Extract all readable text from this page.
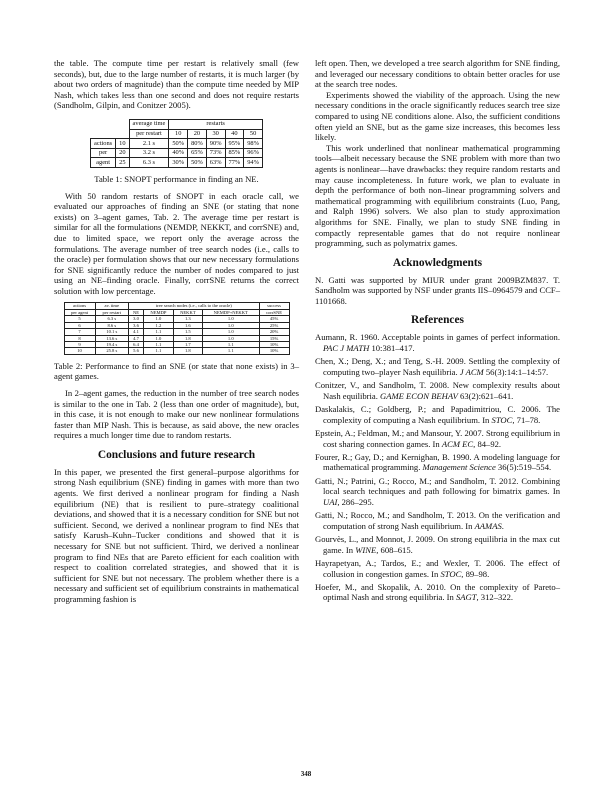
the table. The compute time per restart is relatively small (few seconds), but, due to the large number of restarts, it is much larger (by about two orders of magnitude) than the compute time needed by MIP Nash, which takes less than one second and does not require restarts (Sandholm, Gilpin, and Conitzer 2005).

		average time	restarts				
		per restart	10	20	30	40	50
actions	10	2.1 s	50%	80%	90%	95%	98%
per	20	3.2 s	40%	65%	73%	85%	96%
agent	25	6.3 s	30%	50%	63%	77%	94%

Table 1: SNOPT performance in finding an NE.

With 50 random restarts of SNOPT in each oracle call, we evaluated our approaches of finding an SNE (or stating that none exists) on 3–agent games, Tab. 2. The average time per restart is similar for all the formulations (NEMDP, NEKKT, and corrSNE) and, due to limited space, we report only the average across the formulations. The average number of tree search nodes (i.e., calls to the oracle) per formulation shows that our new necessary formulations for SNE significantly reduce the number of nodes compared to just using an NE–finding oracle. Finally, corrSNE returns the correct solution with low percentage.

actions	av. time	tree search nodes (i.e., calls to the oracle)				success
per agent	per restart	NE	NEMDP	NEKKT	NEMDP+NEKKT	corrSNE
5	6.3 s	3.0	1.0	1.3	1.0	45%
6	8.6 s	3.6	1.2	1.6	1.0	25%
7	10.1 s	4.1	1.1	1.5	1.0	20%
8	13.6 s	4.7	1.0	1.8	1.0	15%
9	19.4 s	6.4	1.1	1.7	1.1	10%
10	25.8 s	5.6	1.1	1.8	1.1	10%

Table 2: Performance to find an SNE (or state that none exists) in 3–agent games.

In 2–agent games, the reduction in the number of tree search nodes is similar to the one in Tab. 2 (less than one order of magnitude), but, in this case, it is not enough to make our new nonlinear formulations faster than MIP Nash. This is because, as said above, the new oracles requires a much longer time due to random restarts.

Conclusions and future research

In this paper, we presented the first general–purpose algorithms for strong Nash equilibrium (SNE) finding in games with more than two agents. We first derived a nonlinear program for finding a Nash equilibrium (NE) that is resilient to pure–strategy coalitional deviations, and showed that it is a necessary condition for SNE but not sufficient. Second, we derived a nonlinear program to find NEs that satisfy Karush–Kuhn–Tucker conditions and showed that it is necessary for SNE but not sufficient. Third, we derived a nonlinear program to find NEs that are Pareto efficient for each coalition with respect to coalition correlated strategies, and showed that it is sufficient for SNE but not necessary. The problem whether there is a necessary and sufficient set of equilibrium constraints in mathematical programming fashion is

left open. Then, we developed a tree search algorithm for SNE finding, and leveraged our necessary conditions to obtain better oracles for use at the search tree nodes.

Experiments showed the viability of the approach. Using the new necessary conditions in the oracle significantly reduces search tree size compared to using NE conditions alone. Also, the sufficient conditions often yield an SNE, but as the game size increases, this becomes less likely.

This work underlined that nonlinear mathematical programming tools—albeit necessary because the SNE problem with more than two agents is nonlinear—have drawbacks: they require random restarts and may cause incompleteness. In future work, we plan to evaluate in depth the performance of both non–linear programming solvers and mathematical programming with equilibrium constraints (Luo, Pang, and Ralph 1996) solvers. We also plan to study approximation algorithms for SNE. Finally, we plan to study SNE finding in compactly representable games that do not require nonlinear programming, such as polymatrix games.

Acknowledgments

N. Gatti was supported by MIUR under grant 2009BZM837. T. Sandholm was supported by NSF under grants IIS–0964579 and CCF–1101668.

References

Aumann, R. 1960. Acceptable points in games of perfect information. PAC J MATH 10:381–417.

Chen, X.; Deng, X.; and Teng, S.-H. 2009. Settling the complexity of computing two–player Nash equilibria. J ACM 56(3):14:1–14:57.

Conitzer, V., and Sandholm, T. 2008. New complexity results about Nash equilibria. GAME ECON BEHAV 63(2):621–641.

Daskalakis, C.; Goldberg, P.; and Papadimitriou, C. 2006. The complexity of computing a Nash equilibrium. In STOC, 71–78.

Epstein, A.; Feldman, M.; and Mansour, Y. 2007. Strong equilibrium in cost sharing connection games. In ACM EC, 84–92.

Fourer, R.; Gay, D.; and Kernighan, B. 1990. A modeling language for mathematical programming. Management Science 36(5):519–554.

Gatti, N.; Patrini, G.; Rocco, M.; and Sandholm, T. 2012. Combining local search techniques and path following for bimatrix games. In UAI, 286–295.

Gatti, N.; Rocco, M.; and Sandholm, T. 2013. On the verification and computation of strong Nash equilibrium. In AAMAS.

Gourvès, L., and Monnot, J. 2009. On strong equilibria in the max cut game. In WINE, 608–615.

Hayrapetyan, A.; Tardos, E.; and Wexler, T. 2006. The effect of collusion in congestion games. In STOC, 89–98.

Hoefer, M., and Skopalik, A. 2010. On the complexity of Pareto–optimal Nash and strong equilibria. In SAGT, 312–322.

348
